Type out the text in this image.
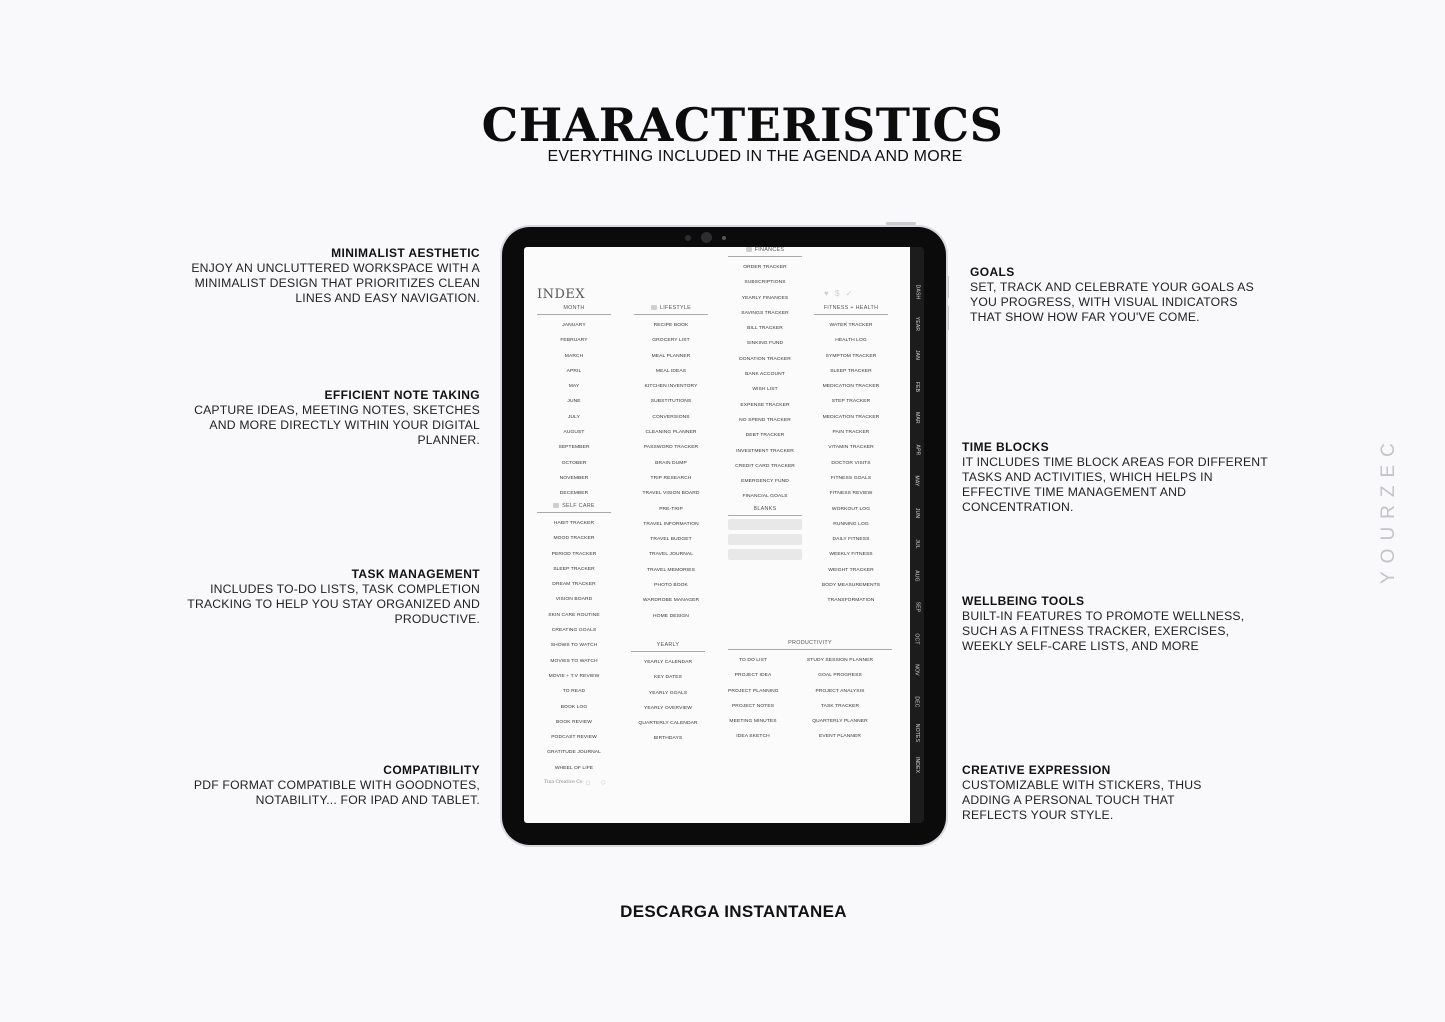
CHARACTERISTICS
EVERYTHING INCLUDED IN THE AGENDA AND MORE
MINIMALIST AESTHETIC
ENJOY AN UNCLUTTERED WORKSPACE WITH A MINIMALIST DESIGN THAT PRIORITIZES CLEAN LINES AND EASY NAVIGATION.
EFFICIENT NOTE TAKING
CAPTURE IDEAS, MEETING NOTES, SKETCHES AND MORE DIRECTLY WITHIN YOUR DIGITAL PLANNER.
TASK MANAGEMENT
INCLUDES TO-DO LISTS, TASK COMPLETION TRACKING TO HELP YOU STAY ORGANIZED AND PRODUCTIVE.
COMPATIBILITY
PDF FORMAT COMPATIBLE WITH GOODNOTES, NOTABILITY... FOR IPAD AND TABLET.
GOALS
SET, TRACK AND CELEBRATE YOUR GOALS AS YOU PROGRESS, WITH VISUAL INDICATORS THAT SHOW HOW FAR YOU'VE COME.
TIME BLOCKS
IT INCLUDES TIME BLOCK AREAS FOR DIFFERENT TASKS AND ACTIVITIES, WHICH HELPS IN EFFECTIVE TIME MANAGEMENT AND CONCENTRATION.
WELLBEING TOOLS
BUILT-IN FEATURES TO PROMOTE WELLNESS, SUCH AS A FITNESS TRACKER, EXERCISES, WEEKLY SELF-CARE LISTS, AND MORE
CREATIVE EXPRESSION
CUSTOMIZABLE WITH STICKERS, THUS ADDING A PERSONAL TOUCH THAT REFLECTS YOUR STYLE.
YOURZEC
DESCARGA INSTANTANEA
INDEX	♥ $ ✓
MONTH
JANUARY
FEBRUARY
MARCH
APRIL
MAY
JUNE
JULY
AUGUST
SEPTEMBER
OCTOBER
NOVEMBER
DECEMBER
SELF CARE
HABIT TRACKER
MOOD TRACKER
PERIOD TRACKER
SLEEP TRACKER
DREAM TRACKER
VISION BOARD
SKIN CARE ROUTINE
CREATING GOALS
SHOWS TO WATCH
MOVIES TO WATCH
MOVIE + T.V REVIEW
TO READ
BOOK LOG
BOOK REVIEW
PODCAST REVIEW
GRATITUDE JOURNAL
WHEEL OF LIFE
LIFESTYLE
RECIPE BOOK
GROCERY LIST
MEAL PLANNER
MEAL IDEAS
KITCHEN INVENTORY
SUBSTITUTIONS
CONVERSIONS
CLEANING PLANNER
PASSWORD TRACKER
BRAIN DUMP
TRIP RESEARCH
TRAVEL VISION BOARD
PRE-TRIP
TRAVEL INFORMATION
TRAVEL BUDGET
TRAVEL JOURNAL
TRAVEL MEMORIES
PHOTO BOOK
WARDROBE MANAGER
HOME DESIGN
FINANCES
ORDER TRACKER
SUBSCRIPTIONS
YEARLY FINANCES
SAVINGS TRACKER
BILL TRACKER
SINKING FUND
DONATION TRACKER
BANK ACCOUNT
WISH LIST
EXPENSE TRACKER
NO SPEND TRACKER
DEBT TRACKER
INVESTMENT TRACKER
CREDIT CARD TRACKER
EMERGENCY FUND
FINANCIAL GOALS
BLANKS
FITNESS + HEALTH
WATER TRACKER
HEALTH LOG
SYMPTOM TRACKER
SLEEP TRACKER
MEDICATION TRACKER
STEP TRACKER
MEDICATION TRACKER
PAIN TRACKER
VITAMIN TRACKER
DOCTOR VISITS
FITNESS GOALS
FITNESS REVIEW
WORKOUT LOG
RUNNING LOG
DAILY FITNESS
WEEKLY FITNESS
WEIGHT TRACKER
BODY MEASUREMENTS
TRANSFORMATION
YEARLY
YEARLY CALENDAR
KEY DATES
YEARLY GOALS
YEARLY OVERVIEW
QUARTERLY CALENDAR
BIRTHDAYS
PRODUCTIVITY
TO DO LIST
PROJECT IDEA
PROJECT PLANNING
PROJECT NOTES
MEETING MINUTES
IDEA SKETCH
STUDY SESSION PLANNER
GOAL PROGRESS
PROJECT ANALYSIS
TASK TRACKER
QUARTERLY PLANNER
EVENT PLANNER
Tina Creative Co ☼ ○
DASH
YEAR
JAN
FEB
MAR
APR
MAY
JUN
JUL
AUG
SEP
OCT
NOV
DEC
NOTES
INDEX
